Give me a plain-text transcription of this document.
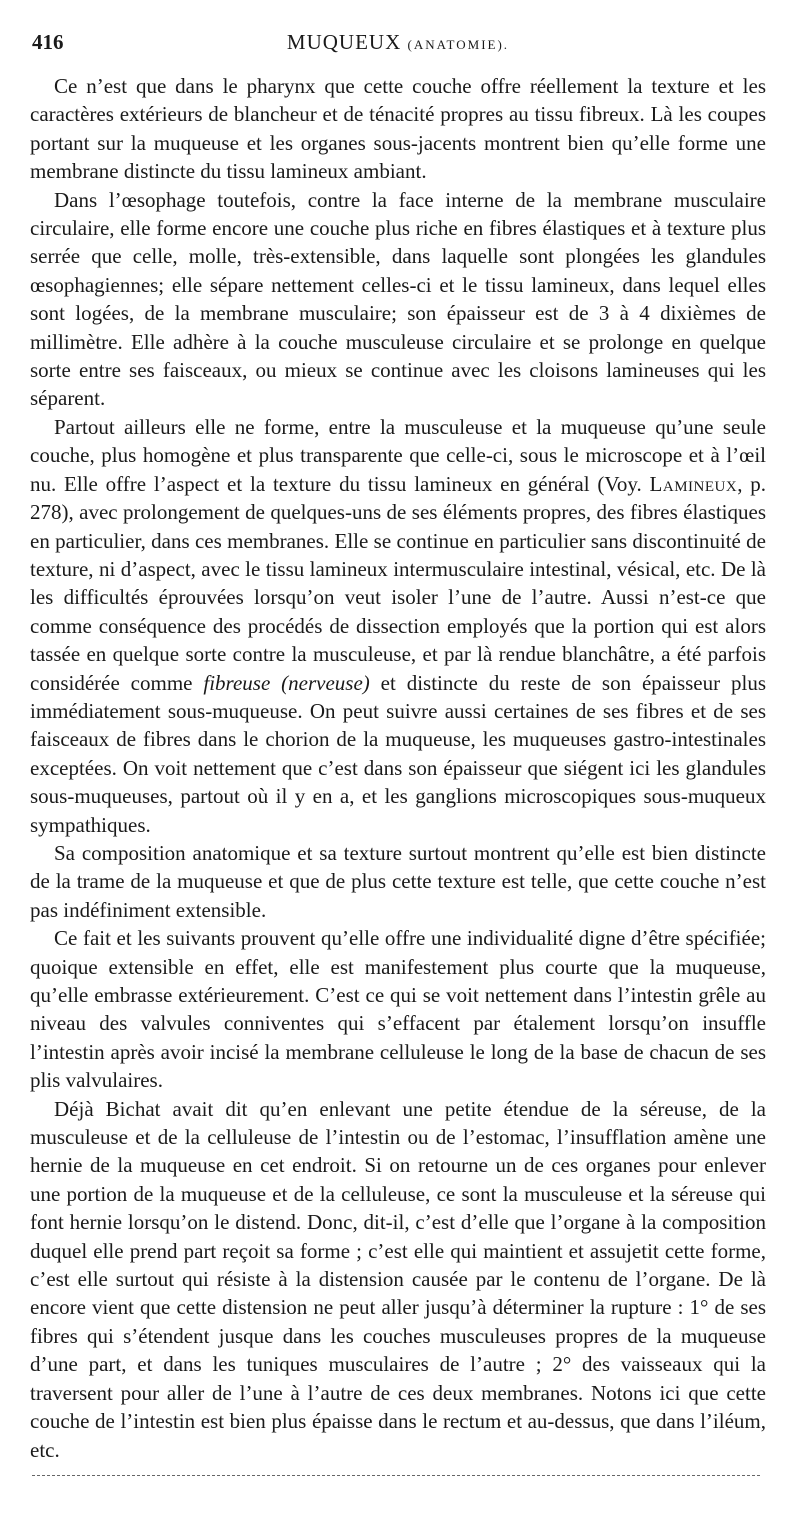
416	MUQUEUX (ANATOMIE).

Ce n’est que dans le pharynx que cette couche offre réellement la texture et les caractères extérieurs de blancheur et de ténacité propres au tissu fibreux. Là les coupes portant sur la muqueuse et les organes sous-jacents montrent bien qu’elle forme une membrane distincte du tissu lamineux ambiant.

Dans l’œsophage toutefois, contre la face interne de la membrane musculaire circulaire, elle forme encore une couche plus riche en fibres élastiques et à texture plus serrée que celle, molle, très-extensible, dans laquelle sont plongées les glandules œsophagiennes; elle sépare nettement celles-ci et le tissu lamineux, dans lequel elles sont logées, de la membrane musculaire; son épaisseur est de 3 à 4 dixièmes de millimètre. Elle adhère à la couche musculeuse circulaire et se prolonge en quelque sorte entre ses faisceaux, ou mieux se continue avec les cloisons lamineuses qui les séparent.

Partout ailleurs elle ne forme, entre la musculeuse et la muqueuse qu’une seule couche, plus homogène et plus transparente que celle-ci, sous le microscope et à l’œil nu. Elle offre l’aspect et la texture du tissu lamineux en général (Voy. Lamineux, p. 278), avec prolongement de quelques-uns de ses éléments propres, des fibres élastiques en particulier, dans ces membranes. Elle se continue en particulier sans discontinuité de texture, ni d’aspect, avec le tissu lamineux intermusculaire intestinal, vésical, etc. De là les difficultés éprouvées lorsqu’on veut isoler l’une de l’autre. Aussi n’est-ce que comme conséquence des procédés de dissection employés que la portion qui est alors tassée en quelque sorte contre la musculeuse, et par là rendue blanchâtre, a été parfois considérée comme fibreuse (nerveuse) et distincte du reste de son épaisseur plus immédiatement sous-muqueuse. On peut suivre aussi certaines de ses fibres et de ses faisceaux de fibres dans le chorion de la muqueuse, les muqueuses gastro-intestinales exceptées. On voit nettement que c’est dans son épaisseur que siégent ici les glandules sous-muqueuses, partout où il y en a, et les ganglions microscopiques sous-muqueux sympathiques.

Sa composition anatomique et sa texture surtout montrent qu’elle est bien distincte de la trame de la muqueuse et que de plus cette texture est telle, que cette couche n’est pas indéfiniment extensible.

Ce fait et les suivants prouvent qu’elle offre une individualité digne d’être spécifiée; quoique extensible en effet, elle est manifestement plus courte que la muqueuse, qu’elle embrasse extérieurement. C’est ce qui se voit nettement dans l’intestin grêle au niveau des valvules conniventes qui s’effacent par étalement lorsqu’on insuffle l’intestin après avoir incisé la membrane celluleuse le long de la base de chacun de ses plis valvulaires.

Déjà Bichat avait dit qu’en enlevant une petite étendue de la séreuse, de la musculeuse et de la celluleuse de l’intestin ou de l’estomac, l’insufflation amène une hernie de la muqueuse en cet endroit. Si on retourne un de ces organes pour enlever une portion de la muqueuse et de la celluleuse, ce sont la musculeuse et la séreuse qui font hernie lorsqu’on le distend. Donc, dit-il, c’est d’elle que l’organe à la composition duquel elle prend part reçoit sa forme ; c’est elle qui maintient et assujetit cette forme, c’est elle surtout qui résiste à la distension causée par le contenu de l’organe. De là encore vient que cette distension ne peut aller jusqu’à déterminer la rupture : 1° de ses fibres qui s’étendent jusque dans les couches musculeuses propres de la muqueuse d’une part, et dans les tuniques musculaires de l’autre ; 2° des vaisseaux qui la traversent pour aller de l’une à l’autre de ces deux membranes. Notons ici que cette couche de l’intestin est bien plus épaisse dans le rectum et au-dessus, que dans l’iléum, etc.
